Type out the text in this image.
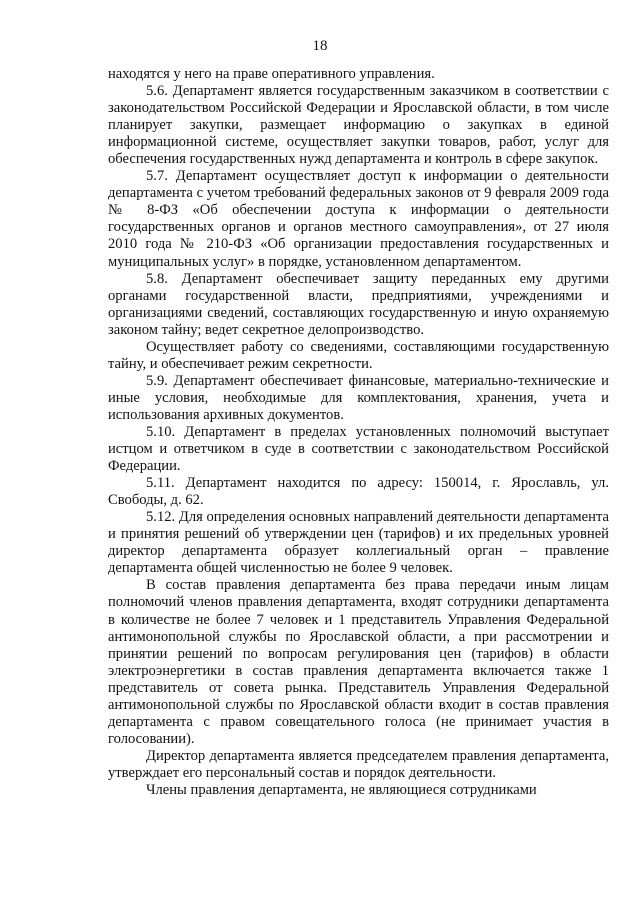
18

находятся у него на праве оперативного управления.

5.6. Департамент является государственным заказчиком в соответствии с законодательством Российской Федерации и Ярославской области, в том числе планирует закупки, размещает информацию о закупках в единой информационной системе, осуществляет закупки товаров, работ, услуг для обеспечения государственных нужд департамента и контроль в сфере закупок.

5.7. Департамент осуществляет доступ к информации о деятельности департамента с учетом требований федеральных законов от 9 февраля 2009 года № 8-ФЗ «Об обеспечении доступа к информации о деятельности государственных органов и органов местного самоуправления», от 27 июля 2010 года № 210-ФЗ «Об организации предоставления государственных и муниципальных услуг» в порядке, установленном департаментом.

5.8. Департамент обеспечивает защиту переданных ему другими органами государственной власти, предприятиями, учреждениями и организациями сведений, составляющих государственную и иную охраняемую законом тайну; ведет секретное делопроизводство.

Осуществляет работу со сведениями, составляющими государственную тайну, и обеспечивает режим секретности.

5.9. Департамент обеспечивает финансовые, материально-технические и иные условия, необходимые для комплектования, хранения, учета и использования архивных документов.

5.10. Департамент в пределах установленных полномочий выступает истцом и ответчиком в суде в соответствии с законодательством Российской Федерации.

5.11. Департамент находится по адресу: 150014, г. Ярославль, ул. Свободы, д. 62.

5.12. Для определения основных направлений деятельности департамента и принятия решений об утверждении цен (тарифов) и их предельных уровней директор департамента образует коллегиальный орган – правление департамента общей численностью не более 9 человек.

В состав правления департамента без права передачи иным лицам полномочий членов правления департамента, входят сотрудники департамента в количестве не более 7 человек и 1 представитель Управления Федеральной антимонопольной службы по Ярославской области, а при рассмотрении и принятии решений по вопросам регулирования цен (тарифов) в области электроэнергетики в состав правления департамента включается также 1 представитель от совета рынка. Представитель Управления Федеральной антимонопольной службы по Ярославской области входит в состав правления департамента с правом совещательного голоса (не принимает участия в голосовании).

Директор департамента является председателем правления департамента, утверждает его персональный состав и порядок деятельности.

Члены правления департамента, не являющиеся сотрудниками
